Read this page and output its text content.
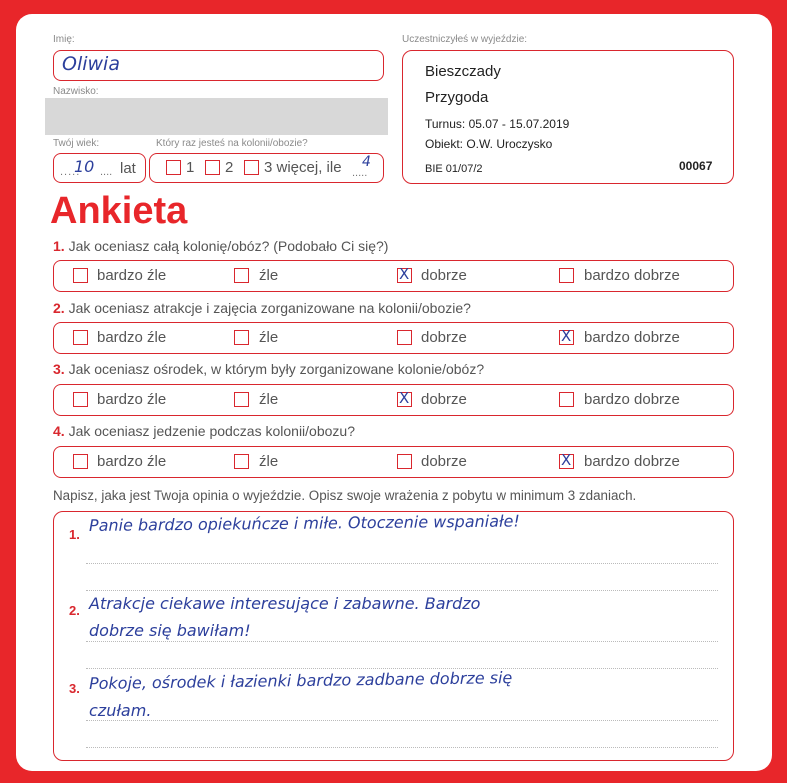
Imię:
Oliwia
Nazwisko:
Twój wiek:
.....
10 .... lat
Który raz jesteś na kolonii/obozie?
1 2 3 więcej, ile .....
4
Uczestniczyłeś w wyjeździe:
Bieszczady
Przygoda
Turnus: 05.07 - 15.07.2019
Obiekt: O.W. Uroczysko
BIE 01/07/2	00067
Ankieta
1. Jak oceniasz całą kolonię/obóz? (Podobało Ci się?)
bardzo źle	źle	X dobrze	bardzo dobrze
2. Jak oceniasz atrakcje i zajęcia zorganizowane na kolonii/obozie?
bardzo źle	źle	dobrze	X bardzo dobrze
3. Jak oceniasz ośrodek, w którym były zorganizowane kolonie/obóz?
bardzo źle	źle	X dobrze	bardzo dobrze
4. Jak oceniasz jedzenie podczas kolonii/obozu?
bardzo źle	źle	dobrze	X bardzo dobrze
Napisz, jaka jest Twoja opinia o wyjeździe. Opisz swoje wrażenia z pobytu w minimum 3 zdaniach.
1. Panie bardzo opiekuńcze i miłe. Otoczenie wspaniałe!
2. Atrakcje ciekawe interesujące i zabawne. Bardzo
dobrze się bawiłam!
3. Pokoje, ośrodek i łazienki bardzo zadbane dobrze się
czułam.
